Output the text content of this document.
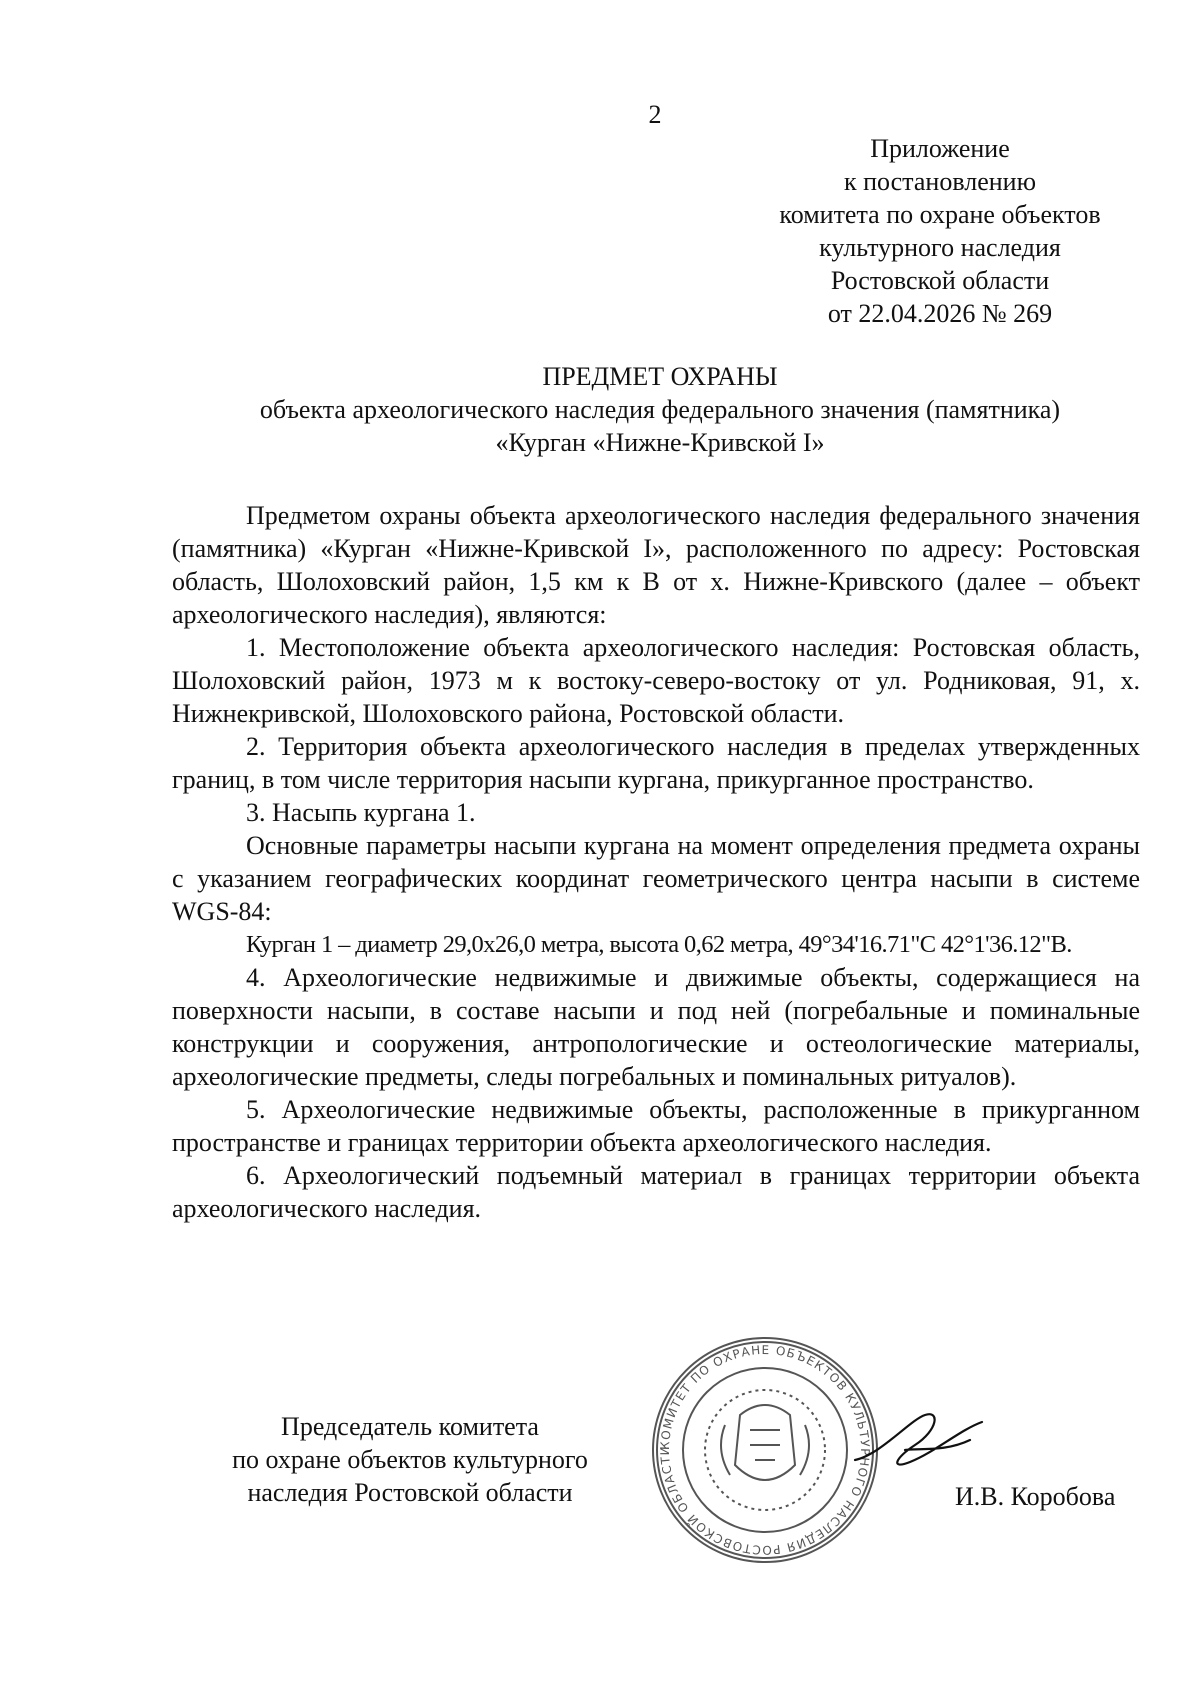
2
Приложение
к постановлению
комитета по охране объектов
культурного наследия
Ростовской области
от 22.04.2026 № 269
ПРЕДМЕТ ОХРАНЫ
объекта археологического наследия федерального значения (памятника)
«Курган «Нижне-Кривской I»

Предметом охраны объекта археологического наследия федерального значения (памятника) «Курган «Нижне-Кривской I», расположенного по адресу: Ростовская область, Шолоховский район, 1,5 км к В от х. Нижне-Кривского (далее – объект археологического наследия), являются:

1. Местоположение объекта археологического наследия: Ростовская область, Шолоховский район, 1973 м к востоку-северо-востоку от ул. Родниковая, 91, х. Нижнекривской, Шолоховского района, Ростовской области.

2. Территория объекта археологического наследия в пределах утвержденных границ, в том числе территория насыпи кургана, прикурганное пространство.

3. Насыпь кургана 1.

Основные параметры насыпи кургана на момент определения предмета охраны с указанием географических координат геометрического центра насыпи в системе WGS-84:

Курган 1 – диаметр 29,0х26,0 метра, высота 0,62 метра, 49°34'16.71"С 42°1'36.12"В.

4. Археологические недвижимые и движимые объекты, содержащиеся на поверхности насыпи, в составе насыпи и под ней (погребальные и поминальные конструкции и сооружения, антропологические и остеологические материалы, археологические предметы, следы погребальных и поминальных ритуалов).

5. Археологические недвижимые объекты, расположенные в прикурганном пространстве и границах территории объекта археологического наследия.

6. Археологический подъемный материал в границах территории объекта археологического наследия.

Председатель комитета
по охране объектов культурного
наследия Ростовской области
КОМИТЕТ ПО ОХРАНЕ ОБЪЕКТОВ КУЛЬТУРНОГО НАСЛЕДИЯ РОСТОВСКОЙ ОБЛАСТИ
И.В. Коробова
